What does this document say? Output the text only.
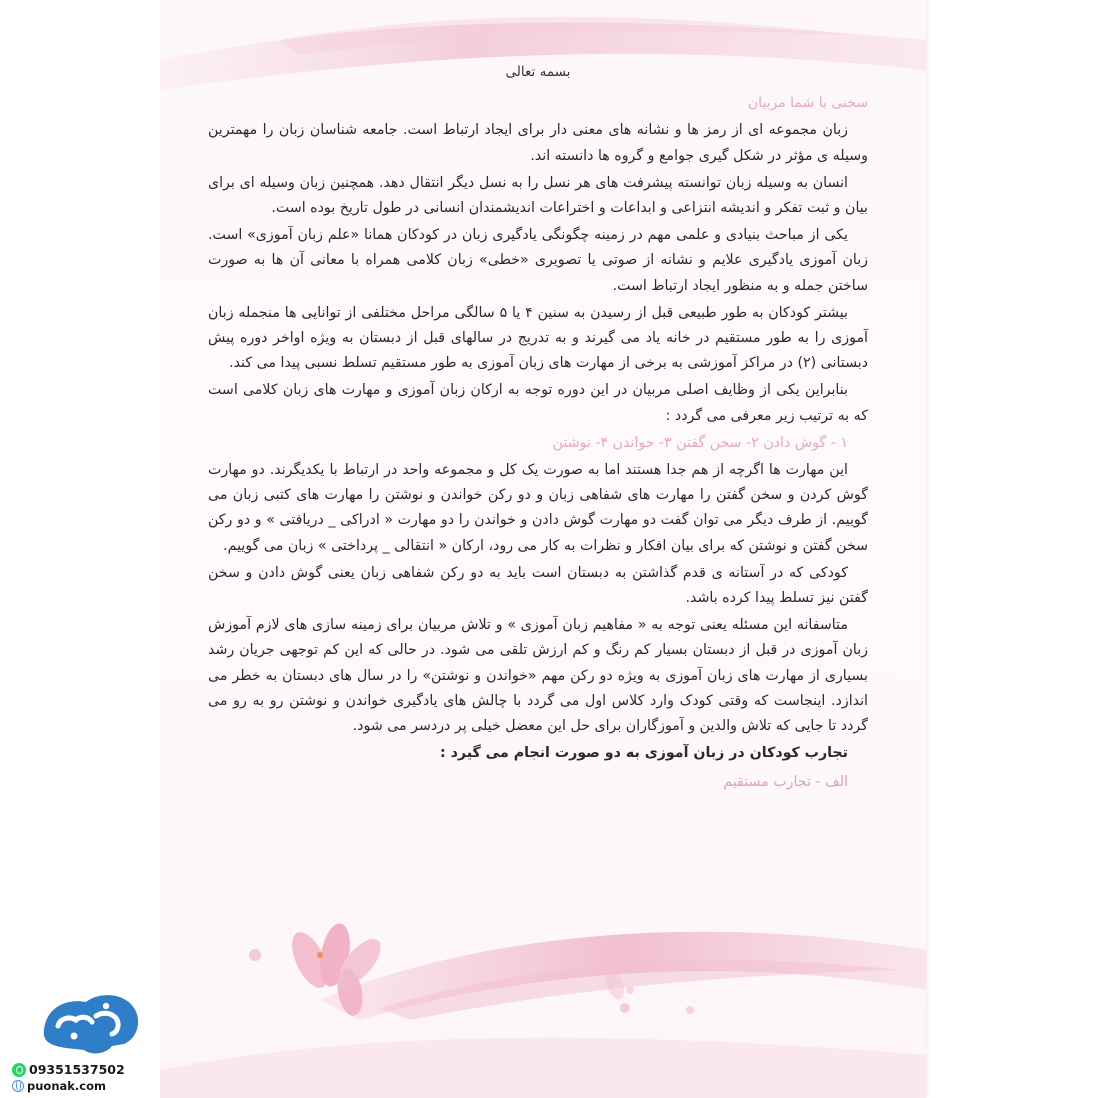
بسمه تعالی
سخنی با شما مربیان

زبان مجموعه ای از رمز ها و نشانه های معنی دار برای ایجاد ارتباط است. جامعه شناسان زبان را مهمترین وسیله ی مؤثر در شکل گیری جوامع و گروه ها دانسته اند.

انسان به وسیله زبان توانسته پیشرفت های هر نسل را به نسل دیگر انتقال دهد. همچنین زبان وسیله ای برای بیان و ثبت تفکر و اندیشه انتزاعی و ابداعات و اختراعات اندیشمندان انسانی در طول تاریخ بوده است.

یکی از مباحث بنیادی و علمی مهم در زمینه چگونگی یادگیری زبان در کودکان همانا «علم زبان آموزی» است. زبان آموزی یادگیری علایم و نشانه از صوتی یا تصویری «خطی» زبان کلامی همراه با معانی آن ها به صورت ساختن جمله و به منظور ایجاد ارتباط است.

بیشتر کودکان به طور طبیعی قبل از رسیدن به سنین ۴ یا ۵ سالگی مراحل مختلفی از توانایی ها منجمله زبان آموزی را به طور مستقیم در خانه یاد می گیرند و به تدریج در سالهای قبل از دبستان به ویژه اواخر دوره پیش دبستانی (۲) در مراکز آموزشی به برخی از مهارت های زبان آموزی به طور مستقیم تسلط نسبی پیدا می کند.

بنابراین یکی از وظایف اصلی مربیان در این دوره توجه به ارکان زبان آموزی و مهارت های زبان کلامی است که به ترتیب زیر معرفی می گردد :

۱ - گوش دادن ۲- سخن گفتن ۳- خواندن ۴- نوشتن

این مهارت ها اگرچه از هم جدا هستند اما به صورت یک کل و مجموعه واحد در ارتباط با یکدیگرند. دو مهارت گوش کردن و سخن گفتن را مهارت های شفاهی زبان و دو رکن خواندن و نوشتن را مهارت های کتبی زبان می گوییم. از طرف دیگر می توان گفت دو مهارت گوش دادن و خواندن را دو مهارت « ادراکی _ دریافتی » و دو رکن سخن گفتن و نوشتن که برای بیان افکار و نظرات به کار می رود، ارکان « انتقالی _ پرداختی » زبان می گوییم.

کودکی که در آستانه ی قدم گذاشتن به دبستان است باید به دو رکن شفاهی زبان یعنی گوش دادن و سخن گفتن نیز تسلط پیدا کرده باشد.

متاسفانه این مسئله یعنی توجه به « مفاهیم زبان آموزی » و تلاش مربیان برای زمینه سازی های لازم آموزش زبان آموزی در قبل از دبستان بسیار کم رنگ و کم ارزش تلقی می شود. در حالی که این کم توجهی جریان رشد بسیاری از مهارت های زبان آموزی به ویژه دو رکن مهم «خواندن و نوشتن» را در سال های دبستان به خطر می اندازد. اینجاست که وقتی کودک وارد کلاس اول می گردد با چالش های یادگیری خواندن و نوشتن رو به رو می گردد تا جایی که تلاش والدین و آموزگاران برای حل این معضل خیلی پر دردسر می شود.

تجارب کودکان در زبان آموزی به دو صورت انجام می گیرد :

الف - تجارب مستقیم

09351537502
puonak.com
